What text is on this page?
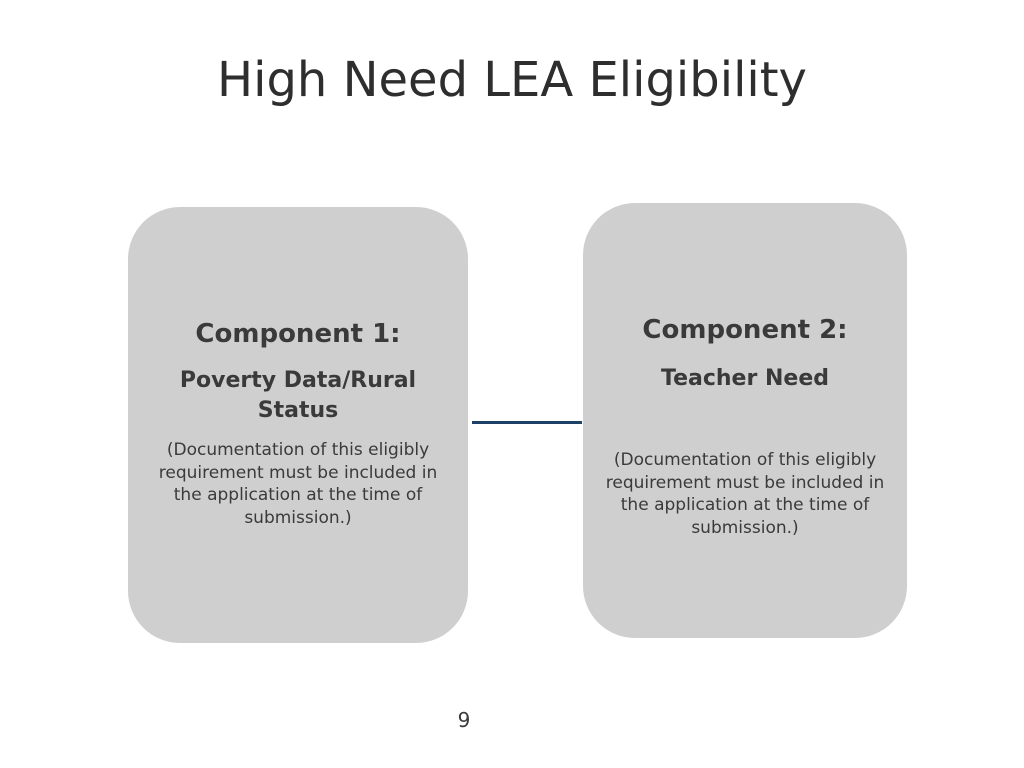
High Need LEA Eligibility
Component 1:
Poverty Data/Rural Status
(Documentation of this eligibly requirement must be included in the application at the time of submission.)
Component 2:
Teacher Need
(Documentation of this eligibly requirement must be included in the application at the time of submission.)
9
